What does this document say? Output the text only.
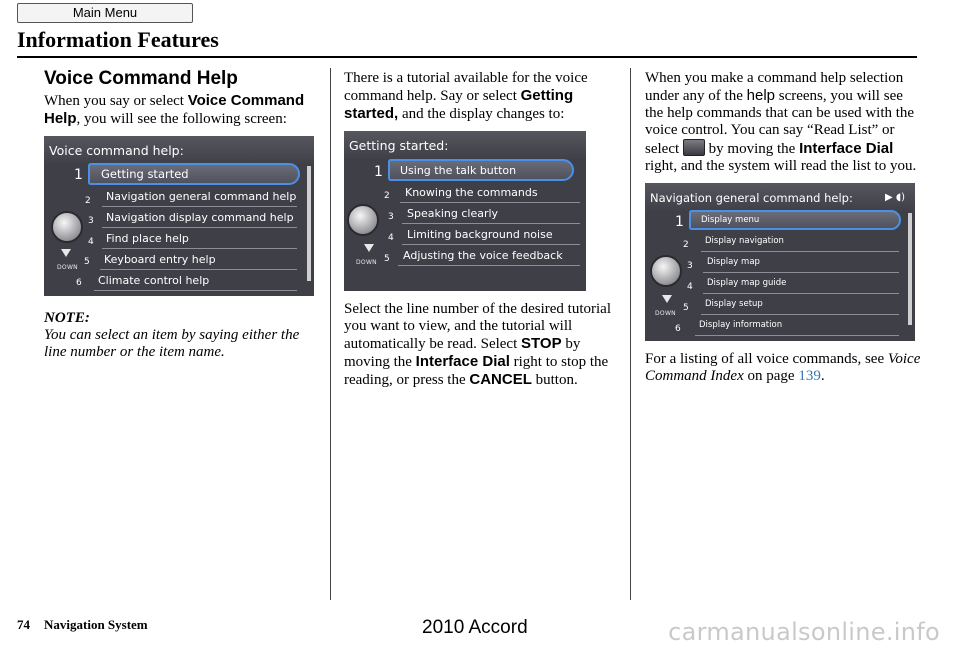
Main Menu
Information Features
Voice Command Help

When you say or select Voice Command Help, you will see the following screen:

Voice command help:
DOWN
1 Getting started
2 Navigation general command help
3 Navigation display command help
4 Find place help
5 Keyboard entry help
6 Climate control help

NOTE:
You can select an item by saying either the line number or the item name.

There is a tutorial available for the voice command help. Say or select Getting started, and the display changes to:

Getting started:
DOWN
1 Using the talk button
2 Knowing the commands
3 Speaking clearly
4 Limiting background noise
5 Adjusting the voice feedback

Select the line number of the desired tutorial you want to view, and the tutorial will automatically be read. Select STOP by moving the Interface Dial right to stop the reading, or press the CANCEL button.

When you make a command help selection under any of the help screens, you will see the help commands that can be used with the voice control. You can say “Read List” or select  by moving the Interface Dial right, and the system will read the list to you.

Navigation general command help:	▶ ◖)
DOWN
1 Display menu
2 Display navigation
3 Display map
4 Display map guide
5 Display setup
6 Display information

For a listing of all voice commands, see Voice Command Index on page 139.

74 Navigation System	2010 Accord	carmanualsonline.info
